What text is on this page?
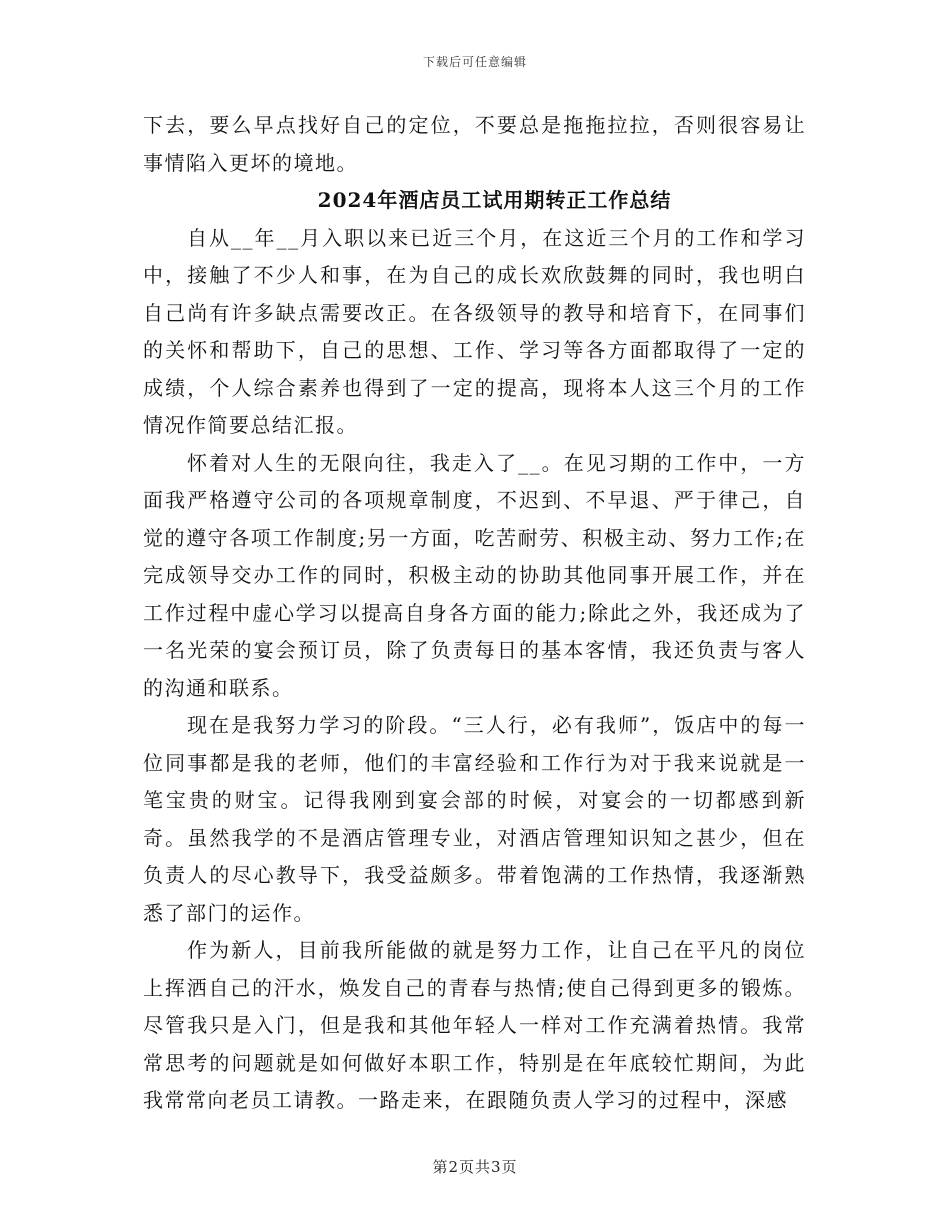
下载后可任意编辑

下去，要么早点找好自己的定位，不要总是拖拖拉拉，否则很容易让事情陷入更坏的境地。

2024年酒店员工试用期转正工作总结

自从__年__月入职以来已近三个月，在这近三个月的工作和学习中，接触了不少人和事，在为自己的成长欢欣鼓舞的同时，我也明白自己尚有许多缺点需要改正。在各级领导的教导和培育下，在同事们的关怀和帮助下，自己的思想、工作、学习等各方面都取得了一定的成绩，个人综合素养也得到了一定的提高，现将本人这三个月的工作情况作简要总结汇报。

怀着对人生的无限向往，我走入了__。在见习期的工作中，一方面我严格遵守公司的各项规章制度，不迟到、不早退、严于律己，自觉的遵守各项工作制度;另一方面，吃苦耐劳、积极主动、努力工作;在完成领导交办工作的同时，积极主动的协助其他同事开展工作，并在工作过程中虚心学习以提高自身各方面的能力;除此之外，我还成为了一名光荣的宴会预订员，除了负责每日的基本客情，我还负责与客人的沟通和联系。

现在是我努力学习的阶段。“三人行，必有我师”，饭店中的每一位同事都是我的老师，他们的丰富经验和工作行为对于我来说就是一笔宝贵的财宝。记得我刚到宴会部的时候，对宴会的一切都感到新奇。虽然我学的不是酒店管理专业，对酒店管理知识知之甚少，但在负责人的尽心教导下，我受益颇多。带着饱满的工作热情，我逐渐熟悉了部门的运作。

作为新人，目前我所能做的就是努力工作，让自己在平凡的岗位上挥洒自己的汗水，焕发自己的青春与热情;使自己得到更多的锻炼。尽管我只是入门，但是我和其他年轻人一样对工作充满着热情。我常常思考的问题就是如何做好本职工作，特别是在年底较忙期间，为此我常常向老员工请教。一路走来，在跟随负责人学习的过程中，深感

第2页共3页
